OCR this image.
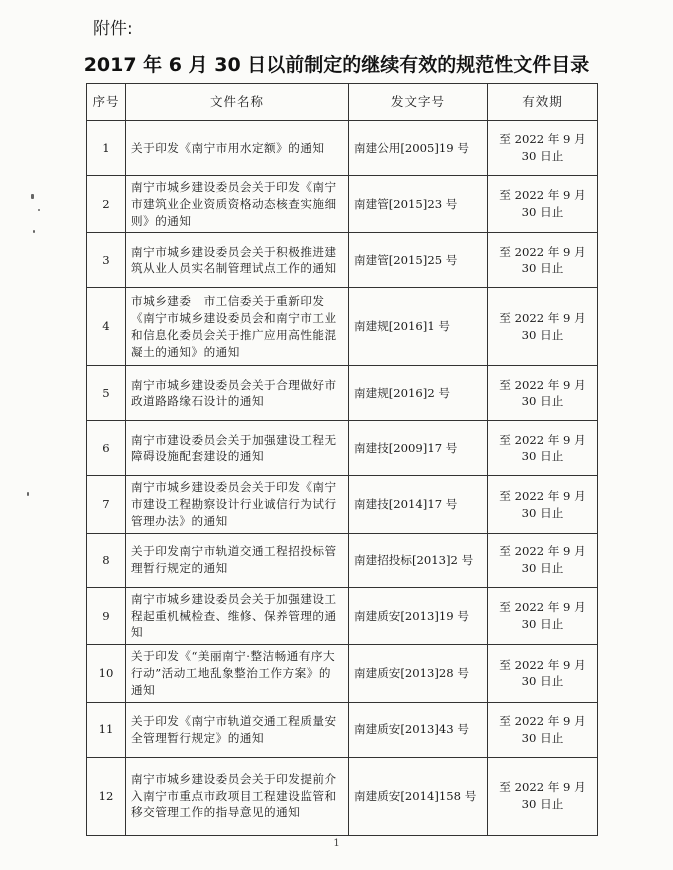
附件:
2017 年 6 月 30 日以前制定的继续有效的规范性文件目录
序号	文件名称	发文字号	有效期
1	关于印发《南宁市用水定额》的通知	南建公用[2005]19 号	至 2022 年 9 月 30 日止
2	南宁市城乡建设委员会关于印发《南宁市建筑业企业资质资格动态核查实施细则》的通知	南建管[2015]23 号	至 2022 年 9 月 30 日止
3	南宁市城乡建设委员会关于积极推进建筑从业人员实名制管理试点工作的通知	南建管[2015]25 号	至 2022 年 9 月 30 日止
4	市城乡建委　市工信委关于重新印发《南宁市城乡建设委员会和南宁市工业和信息化委员会关于推广应用高性能混凝土的通知》的通知	南建规[2016]1 号	至 2022 年 9 月 30 日止
5	南宁市城乡建设委员会关于合理做好市政道路路缘石设计的通知	南建规[2016]2 号	至 2022 年 9 月 30 日止
6	南宁市建设委员会关于加强建设工程无障碍设施配套建设的通知	南建技[2009]17 号	至 2022 年 9 月 30 日止
7	南宁市城乡建设委员会关于印发《南宁市建设工程勘察设计行业诚信行为试行管理办法》的通知	南建技[2014]17 号	至 2022 年 9 月 30 日止
8	关于印发南宁市轨道交通工程招投标管理暂行规定的通知	南建招投标[2013]2 号	至 2022 年 9 月 30 日止
9	南宁市城乡建设委员会关于加强建设工程起重机械检查、维修、保养管理的通知	南建质安[2013]19 号	至 2022 年 9 月 30 日止
10	关于印发《“美丽南宁·整洁畅通有序大行动”活动工地乱象整治工作方案》的通知	南建质安[2013]28 号	至 2022 年 9 月 30 日止
11	关于印发《南宁市轨道交通工程质量安全管理暂行规定》的通知	南建质安[2013]43 号	至 2022 年 9 月 30 日止
12	南宁市城乡建设委员会关于印发提前介入南宁市重点市政项目工程建设监管和移交管理工作的指导意见的通知	南建质安[2014]158 号	至 2022 年 9 月 30 日止
1
